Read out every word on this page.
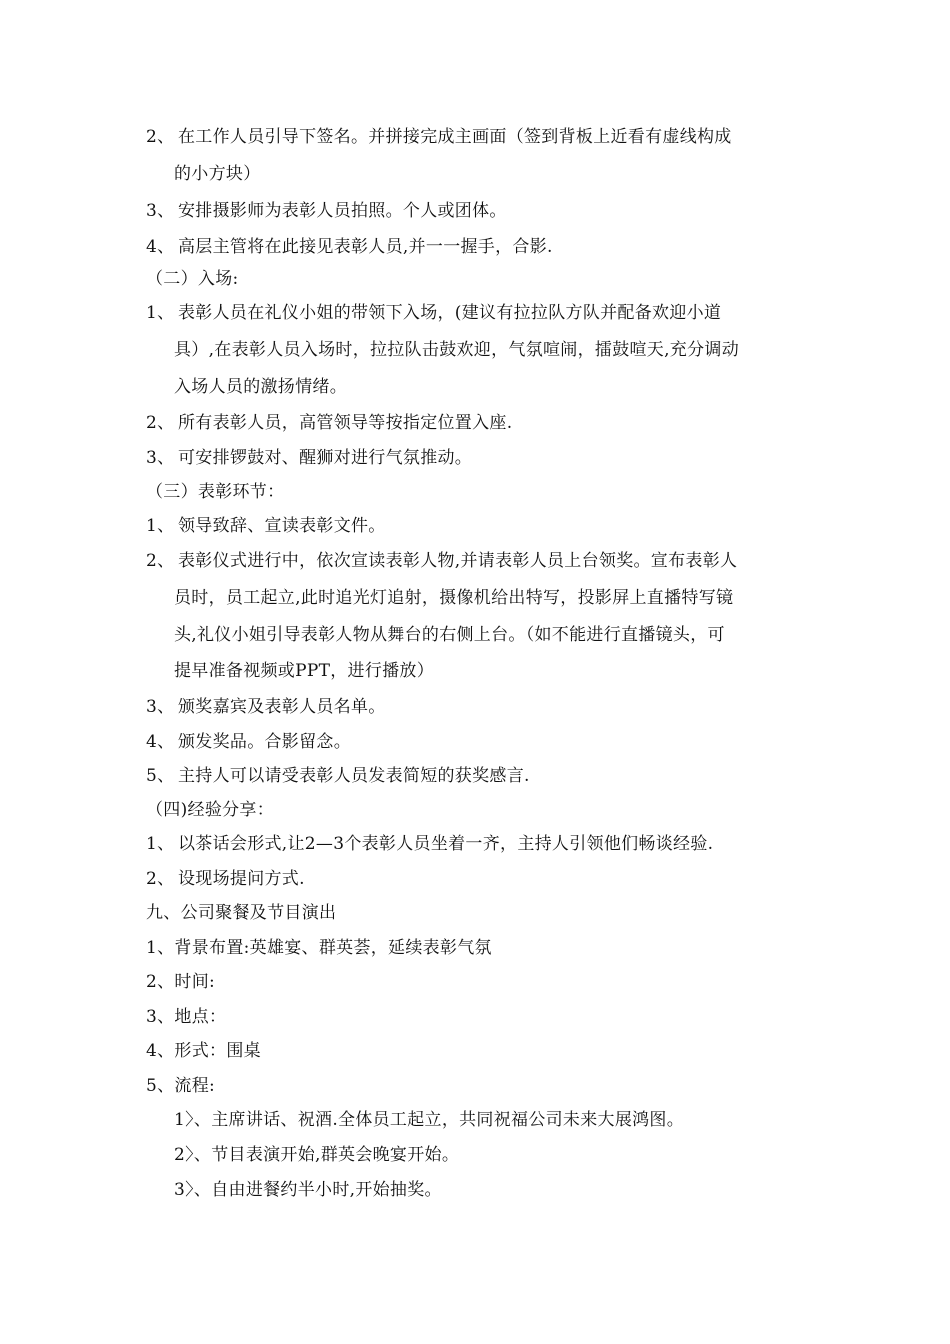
2、 在工作人员引导下签名。并拼接完成主画面（签到背板上近看有虚线构成
的小方块）
3、 安排摄影师为表彰人员拍照。个人或团体。
4、 高层主管将在此接见表彰人员,并一一握手，合影.
（二）入场:
1、 表彰人员在礼仪小姐的带领下入场，(建议有拉拉队方队并配备欢迎小道
具）,在表彰人员入场时，拉拉队击鼓欢迎，气氛喧闹，擂鼓喧天,充分调动
入场人员的激扬情绪。
2、 所有表彰人员，高管领导等按指定位置入座.
3、 可安排锣鼓对、醒狮对进行气氛推动。
（三）表彰环节：
1、 领导致辞、宣读表彰文件。
2、 表彰仪式进行中，依次宣读表彰人物,并请表彰人员上台领奖。宣布表彰人
员时，员工起立,此时追光灯追射，摄像机给出特写，投影屏上直播特写镜
头,礼仪小姐引导表彰人物从舞台的右侧上台。（如不能进行直播镜头，可
提早准备视频或PPT，进行播放）
3、 颁奖嘉宾及表彰人员名单。
4、 颁发奖品。合影留念。
5、 主持人可以请受表彰人员发表简短的获奖感言.
（四)经验分享：
1、 以茶话会形式,让2—3个表彰人员坐着一齐，主持人引领他们畅谈经验.
2、 设现场提问方式.
九、公司聚餐及节目演出
1、背景布置:英雄宴、群英荟，延续表彰气氛
2、时间:
3、地点：
4、形式：围桌
5、流程:
1〉、主席讲话、祝酒.全体员工起立，共同祝福公司未来大展鸿图。
2〉、节目表演开始,群英会晚宴开始。
3〉、自由进餐约半小时,开始抽奖。
